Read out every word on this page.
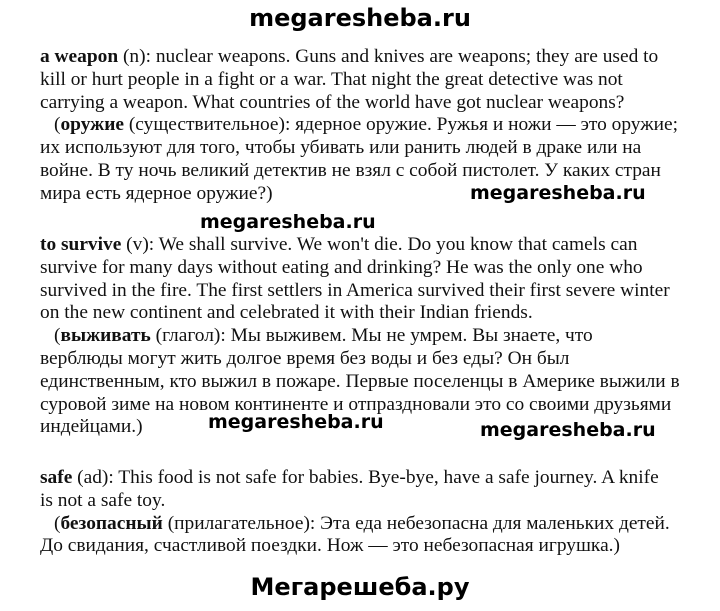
megaresheba.ru
a weapon (n): nuclear weapons. Guns and knives are weapons; they are used to
kill or hurt people in a fight or a war. That night the great detective was not
carrying a weapon. What countries of the world have got nuclear weapons?
(оружие (существительное): ядерное оружие. Ружья и ножи — это оружие;
их используют для того, чтобы убивать или ранить людей в драке или на
войне. В ту ночь великий детектив не взял с собой пистолет. У каких стран
мира есть ядерное оружие?)	megaresheba.ru
megaresheba.ru
to survive (v): We shall survive. We won't die. Do you know that camels can
survive for many days without eating and drinking? He was the only one who
survived in the fire. The first settlers in America survived their first severe winter
on the new continent and celebrated it with their Indian friends.
(выживать (глагол): Мы выживем. Мы не умрем. Вы знаете, что
верблюды могут жить долгое время без воды и без еды? Он был
единственным, кто выжил в пожаре. Первые поселенцы в Америке выжили в
суровой зиме на новом континенте и отпраздновали это со своими друзьями
индейцами.)	megaresheba.ru	megaresheba.ru
safe (ad): This food is not safe for babies. Bye-bye, have a safe journey. A knife
is not a safe toy.
(безопасный (прилагательное): Эта еда небезопасна для маленьких детей.
До свидания, счастливой поездки. Нож — это небезопасная игрушка.)
Мегарешеба.ру
